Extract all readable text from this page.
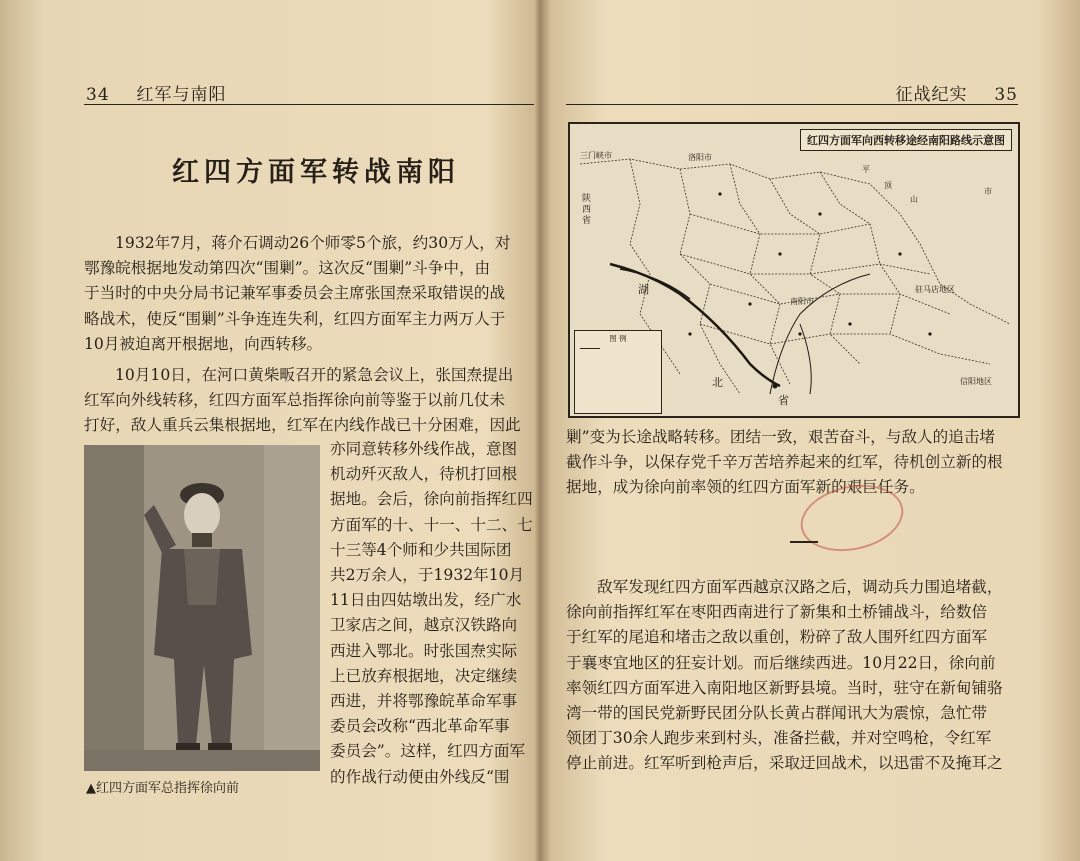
34 红军与南阳
红四方面军转战南阳
1932年7月，蒋介石调动26个师零5个旅，约30万人，对
鄂豫皖根据地发动第四次“围剿”。这次反“围剿”斗争中，由
于当时的中央分局书记兼军事委员会主席张国焘采取错误的战
略战术，使反“围剿”斗争连连失利，红四方面军主力两万人于
10月被迫离开根据地，向西转移。
10月10日，在河口黄柴畈召开的紧急会议上，张国焘提出
红军向外线转移，红四方面军总指挥徐向前等鉴于以前几仗未
打好，敌人重兵云集根据地，红军在内线作战已十分困难，因此
亦同意转移外线作战，意图
机动歼灭敌人，待机打回根
据地。会后，徐向前指挥红四
方面军的十、十一、十二、七
十三等4个师和少共国际团
共2万余人，于1932年10月
11日由四姑墩出发，经广水
卫家店之间，越京汉铁路向
西进入鄂北。时张国焘实际
上已放弃根据地，决定继续
西进，并将鄂豫皖革命军事
委员会改称“西北革命军事
委员会”。这样，红四方面军
的作战行动便由外线反“围
▲红四方面军总指挥徐向前
征战纪实 35
红四方面军向西转移途经南阳路线示意图
三门峡市	洛阳市
平
顶
山
市
南阳市
驻马店地区
信阳地区
北
省
陕西省
湖
图 例
剿”变为长途战略转移。团结一致，艰苦奋斗，与敌人的追击堵
截作斗争，以保存党千辛万苦培养起来的红军，待机创立新的根
据地，成为徐向前率领的红四方面军新的艰巨任务。
敌军发现红四方面军西越京汉路之后，调动兵力围追堵截，
徐向前指挥红军在枣阳西南进行了新集和土桥铺战斗，给数倍
于红军的尾追和堵击之敌以重创，粉碎了敌人围歼红四方面军
于襄枣宜地区的狂妄计划。而后继续西进。10月22日，徐向前
率领红四方面军进入南阳地区新野县境。当时，驻守在新甸铺骆
湾一带的国民党新野民团分队长黄占群闻讯大为震惊，急忙带
领团丁30余人跑步来到村头，准备拦截，并对空鸣枪，令红军
停止前进。红军听到枪声后，采取迂回战术，以迅雷不及掩耳之
